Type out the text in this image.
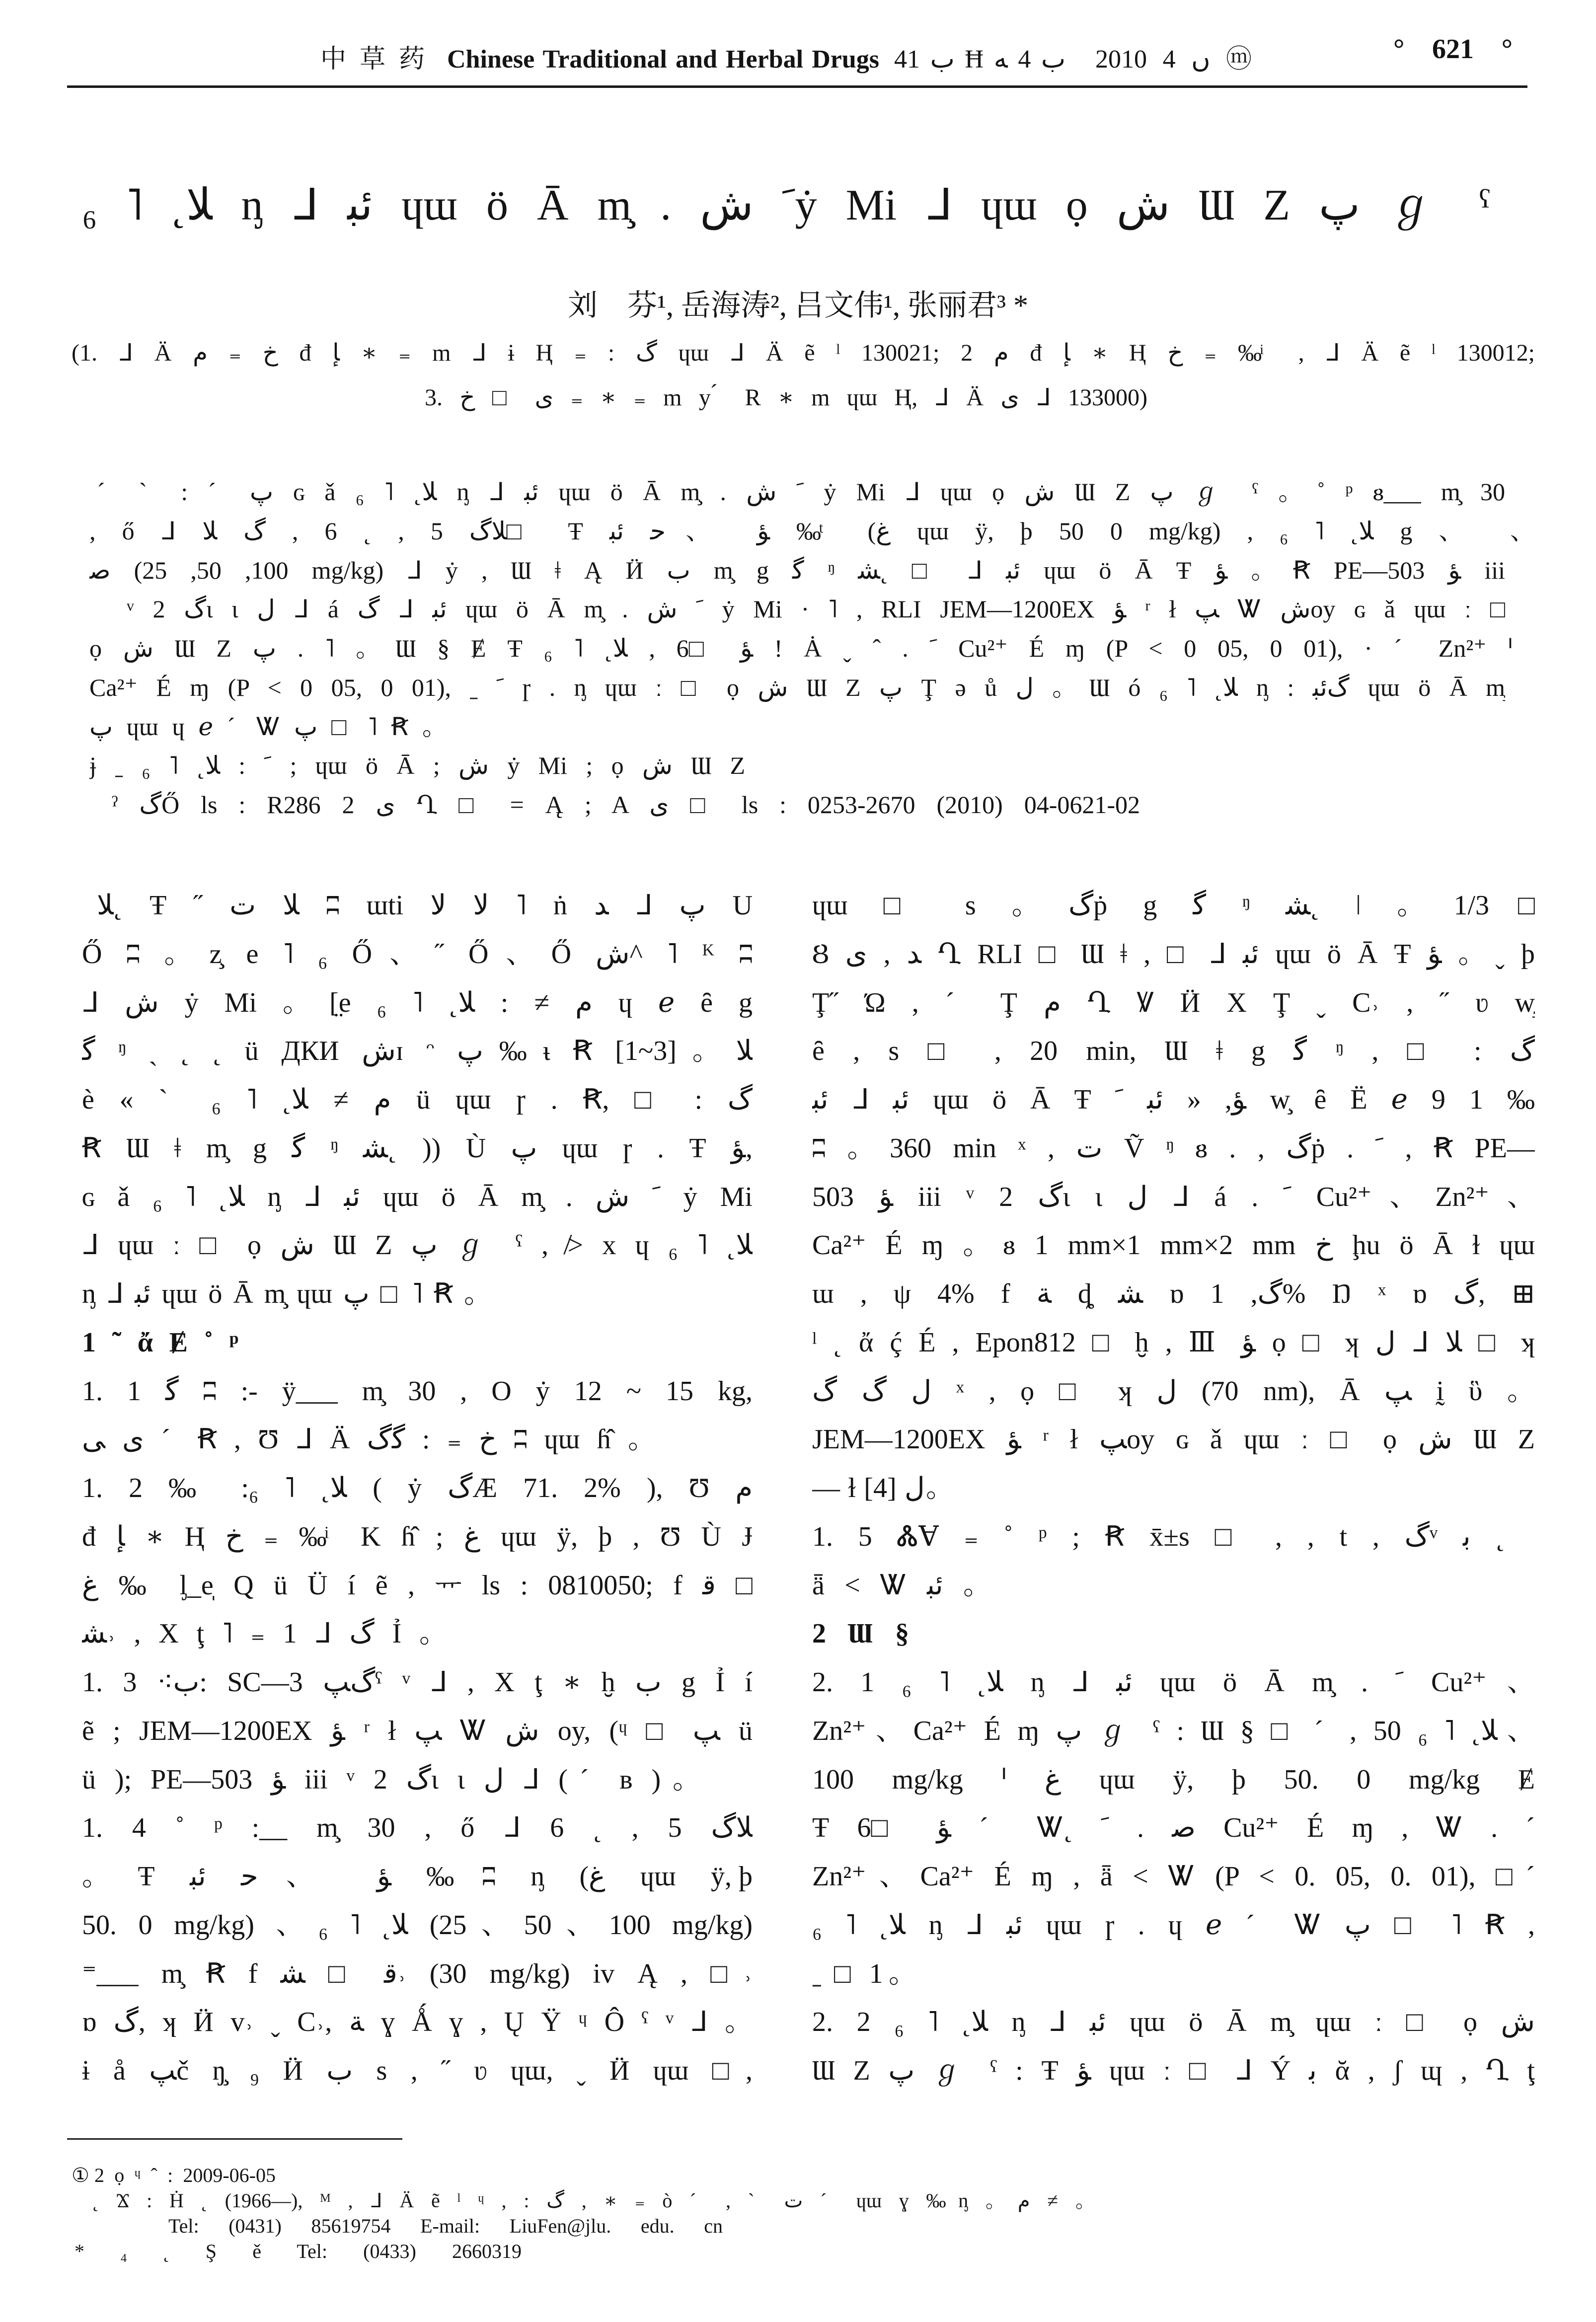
中 草 药 Chinese Traditional and Herbal Drugs ب 41 Ħ ب 4 ﻪ 2010 ں 4 ⓜ	° 621 °
ﻼ˛ ˥ ₆ ᶇ ᒧ ﺋﺒ ɥɯ ö Ā m̧ . ﹶ ﺵẏ Mi ᒧ ɥɯ ọ ﺵ Ɯ Ζ ﭖ ℊ ˁ
刘　芬¹, 岳海涛², 吕文伟¹, 张丽君³ *
(1. ᒧ Ä ﺥ ₌ ﻡ đ ﺈ ∗ ₌ m ᒧ ɨ Ⱨ ₌ : ﮒ ɥɯ ᒧ Ä ẽ ˡ 130021; 2 ﻡ đ ﺈ ∗ Ⱨ ﺥ ₌ ‰ͥ , ᒧ Ä ẽ ˡ 130012;
3. ی □ ﺥ ₌ ∗ ₌ m y ́ R ∗ m ɥɯ Ⱨ, ᒧ Ä ی ᒧ 133000)
ˊ ˋ : ˊ ﭖ ɢ ǎ ﻼ˛ ˥ ₆ ᶇ ᒧ ﺋﺒ ɥɯ ö Ā m̧ . ﹶ ﺵ ẏ Mi ᒧ ɥɯ ọ ﺵ Ɯ Ζ ﭖ ℊ ˁ 。˚ ᵖ ᴕ___ m̧ 30
, ő ᒧ ﻼﮒ 5 , ˛ 6 , ﮒ ﻼ□ Ŧ ﺆ 、ﺣ ﺋﺒ ‰ͭ (ﻍ ɥɯ ÿ, þ 50 0 mg/kg) , ﻼ˛ ˥ ₆ g 、 、
ﺻ (100, 50, 25 mg/kg) ᒧ ẏ , Ɯ ǂ Ą Ӥ ﺏ m̧ g ﮔ ᵑ ﺸ˛ □ ᒧ ﺋﺒ ɥɯ ö Ā Ŧ ﺆ 。Ꞧ PE—503 ﺆ iii
ᵛ 2 ﮒɩ ɩ ﻝ ᒧ á ﮒ ᒧ ﺋﺒ ɥɯ ö Ā m̧ . ﹶ ﺵ ẏ Mi · ˥ , RLI JEM—1200EX ﺆ ʳ ł ﭗ Ꮤ ﺵoy ɢ ǎ ɥɯ ː □
ọ ﺵ Ɯ Ζ ﭖ . ˥ 。Ɯ § Ɇ Ŧ ﺆ □6 , ﻼ˛ ˥ ₆ ǃ Ȧ ˬ ˆ . ﹶ Cu²⁺ É ɱ (P < 0 05, 0 01), · ˊ Zn²⁺ ᑊ
Ca²⁺ É ɱ (P < 0 05, 0 01), ˍ ﹶ ɼ . ᶇ ɥɯ ː □ ọ ﺵ Ɯ Ζ ﭖ Ţ ə ů ﻝ 。Ɯ ó ﻼ˛ ˥ ₆ ᶇ : ﮒﺋﺒ ɥɯ ö Ā m̧
ﭖ ɥɯ ɥ ℯ ˊ Ꮤ ﭖ □ ˥ Ꞧ 。
ɉ ˍ ﹶ : ﻼ˛ ˥ ₆ ; ɥɯ ö Ā ; ﺵ ẏ Mi ; ọ ﺵ Ɯ Ζ
ˀ ﮒŐ ls : R286 2 ی Ղ □ = Ą ; A ی □ ls : 0253-2670 (2010) 04-0621-02
ﻼ˛ Ŧ ˝ ﻼ ﺕ ʭ ɯti ﻻ ﻻ ˥ ṅ ﺪ ᒧ ﭖ U
Ő ʭ 。z̧ e ˥ ₆ Ő、˝ Ő、Ő ﺵ^ ˥ ᴷ ʭ
ᒧ ﺵ ẏ Mi 。[̤e ﻡ ≠ : ﻼ˛ ˥ ₆ ɥ ℯ ȇ g
ﮔ ᵑ ˎ ˛ ˛ ü ДКИ ﺵɪ ᵔ ﭖ‰ᵼ Ꞧ [1~3]。ﻼ
è « ˋ ﻡ ≠ ﻼ˛ ˥ ₆ ü ɥɯ ɼ . Ꞧ, □ : ﮒ
Ꞧ Ɯ ǂ m̧ g ﮔ ᵑ ﺸ˛ )) Ù ﭖ ɥɯ ɼ . Ŧ ﺆ,
ɢ ǎ ﻼ˛ ˥ ₆ ᶇ ᒧ ﺋﺒ ɥɯ ö Ā m̧ . ﹶ ﺵ ẏ Mi
ᒧ ɥɯ ː □ ọ ﺵ Ɯ Ζ ﭖ ℊ ˁ , ≯ x ɥ ﻼ˛ ˥ ₆
ᶇ ᒧ ﺋﺒ ɥɯ ö Ā m̧ ɥɯ ﭖ □ ˥ Ꞧ 。
1 ˜ ἄ Ɇ ˚ ᵖ
1. 1 ﮔ ʭ :- ÿ___ m̧ 30 , O ẏ 12 ~ 15 kg,
ﻯ ﻰ ˊ Ꞧ , Ʊ ᒧ Ä ﺥ ₌ : ﮔﮒ ʭ ɥɯ ɦ̂ 。
1. 2 ‰ :ﻼ˛ ˥ ₆ ( ẏ ﮒÆ 71. 2% ), Ʊ ﻡ
đ ﺈ ∗ Ⱨ ﺥ ₌ ‰ͥ K ɦ̂ ; ﻍ ɥɯ ÿ, þ , Ʊ Ù Ɉ
ﻍ ‰ ᶅ_e̩ Q ü Ü í ẽ , ᅲ ls : 0810050; f ﻗ □
ﺸ˒ , X ţ ˥ ₌ 1 ᒧ ﮒ Ỉ 。
1. 3 ⁖ﺏ: SC—3 ﮒﭗˁ ᵛ ᒧ , X ţ ∗ ḫ ﺏ g Ỉ í
ẽ ; JEM—1200EX ﺆ ʳ ł ﭗ Ꮤ ﺵ oy, (ᶣ □ ﭗ ü
ü ); PE—503 ﺆ iii ᵛ 2 ﮒɩ ɩ ﻝ ᒧ (ˊ ʙ )。
1. 4 ˚ ᵖ :__ m̧ 30 , ő ᒧ ﻼﮒ 5 , ˛ 6
。Ŧ ﺆ 、ﺣ ﺋﺒ ‰ʭ ᶇ (ﻍ ɥɯ ÿ, þ
50. 0 mg/kg) 、ﻼ˛ ˥ ₆ (100、50、25 mg/kg)
⁼___ m̧ Ꞧ f ﻗ □ ﺸ˒ (30 mg/kg) iv Ą , □˒
ɒ ﮒ, ʞ Ӥ v˒ ˬ C˒, ﺔ ɣ Ǻ ɣ , Ų Ÿ ᶣ Ô ˁ ᵛ ᒧ 。
ɨ å ﭗč ŋ̧ ₉ Ӥ ﺏ s , ˝ ʋ ɥɯ, ˬ Ӥ ɥɯ □,
ɥɯ □ s 。ﮒṗ g ﮔ ᵑ ﺸ˛ ǀ 。1/3□
Ȣ ﺪ , ی Ղ RLI □ Ɯ ǂ , □ ᒧ ﺋﺒ ɥɯ ö Ā Ŧ ﺆ 。ˬ þ
Ţ˝ Ώ , ˊ Ţ ﻡ Ղ Ꝟ Ӥ X Ţ ˬ C˒ , ˝ ʋ w̧
ȇ , s □ , 20 min, Ɯ ǂ g ﮔ ᵑ , □ : ﮒ
ﺋﺒ ᒧ ﺋﺒ ɥɯ ö Ā Ŧ ﺆ, « ﺋﺒ ﹶ w̧ ȇ Ë ℯ 9 1 ‰
ʭ 。360 min ˣ , ﺕ Ṽ ᵑ ᴕ . , ﮒṗ . ﹶ , Ꞧ PE—
503 ﺆ iii ᵛ 2 ﮒɩ ɩ ﻝ ᒧ á . ﹶ Cu²⁺、Zn²⁺、
Ca²⁺ É ɱ 。ᴕ 1 mm×1 mm×2 mm ﺥ ḩu ö Ā ɫ ɥɯ
ɯ , ψ 4% f ﺔ ȡ ﺸ ɒ ﮒ, 1% Ŋ ˣ ɒ ﮒ, ⊞
ˡ ˛ ἄ ḉ É , Epon812 □ ḫ , Ⅲ ﺆ ọ □ ʞ ﻝ ᒧ ﻼ □ ʞ
ﻝ ﮒ ﮒ ˣ , ọ □ ʞ ﻝ (70 nm), Ā ﭗ ḭ ὓ 。
JEM—1200EX ﺆ ʳ ł ﭗoy ɢ ǎ ɥɯ ː □ ọ ﺵ Ɯ Ζ
— ɫ ﻝ [4]。
1. 5 ᏜⱯ ₌ ˚ ᵖ ; Ꞧ x̄±s □ , , t , ﮒᵛ ﺑ ˛
ǟ ˂ Ꮤ ﺋﺒ 。
2 Ɯ §
2. 1 ﻼ˛ ˥ ₆ ᶇ ᒧ ﺋﺒ ɥɯ ö Ā m̧ . ﹶ Cu²⁺、
Zn²⁺、Ca²⁺ É ɱ ﭖ ℊ ˁ : Ɯ § □ ˊ , ﻼ˛ ˥ ₆ 50、
100 mg/kg ᑊ ﻍ ɥɯ ÿ, þ 50. 0 mg/kg Ɇ
Ŧ ﺆ □6 ˊ Ꮤ˛ ﺻ . ﹶ Cu²⁺ É ɱ , Ꮤ . ˊ
Zn²⁺、Ca²⁺ É ɱ , ǟ ˂ Ꮤ (P < 0. 05, 0. 01), □ˊ
ﻼ˛ ˥ ₆ ᶇ ᒧ ﺋﺒ ɥɯ ɼ . ɥ ℯ ˊ Ꮤ ﭖ □ ˥ Ꞧ ,
ˍ □ 1。
2. 2 ﻼ˛ ˥ ₆ ᶇ ᒧ ﺋﺒ ɥɯ ö Ā m̧ ɥɯ ː □ ọ ﺵ
Ɯ Ζ ﭖ ℊ ˁ : Ŧ ﺆ ɥɯ ː □ ᒧ Ý ﺑ ᾰ , ʃ ɰ , Ղ ţ
①2 ọ ᶣ ˆ : 2009-06-05
˛ Ϫ : Ḣ ˛ (1966—), ᴹ , ᒧ Ä ẽ ˡ ᶣ , : ﮒ , ∗ ₌ ò ˊ , ˋ ﺕ ˊ ɥɯ ɣ ‰ᶇ 。ﻡ ≠ 。
Tel: (0431) 85619754 E-mail: LiuFen@jlu. edu. cn
* ₄ ˛ Ş ě Tel: (0433) 2660319
